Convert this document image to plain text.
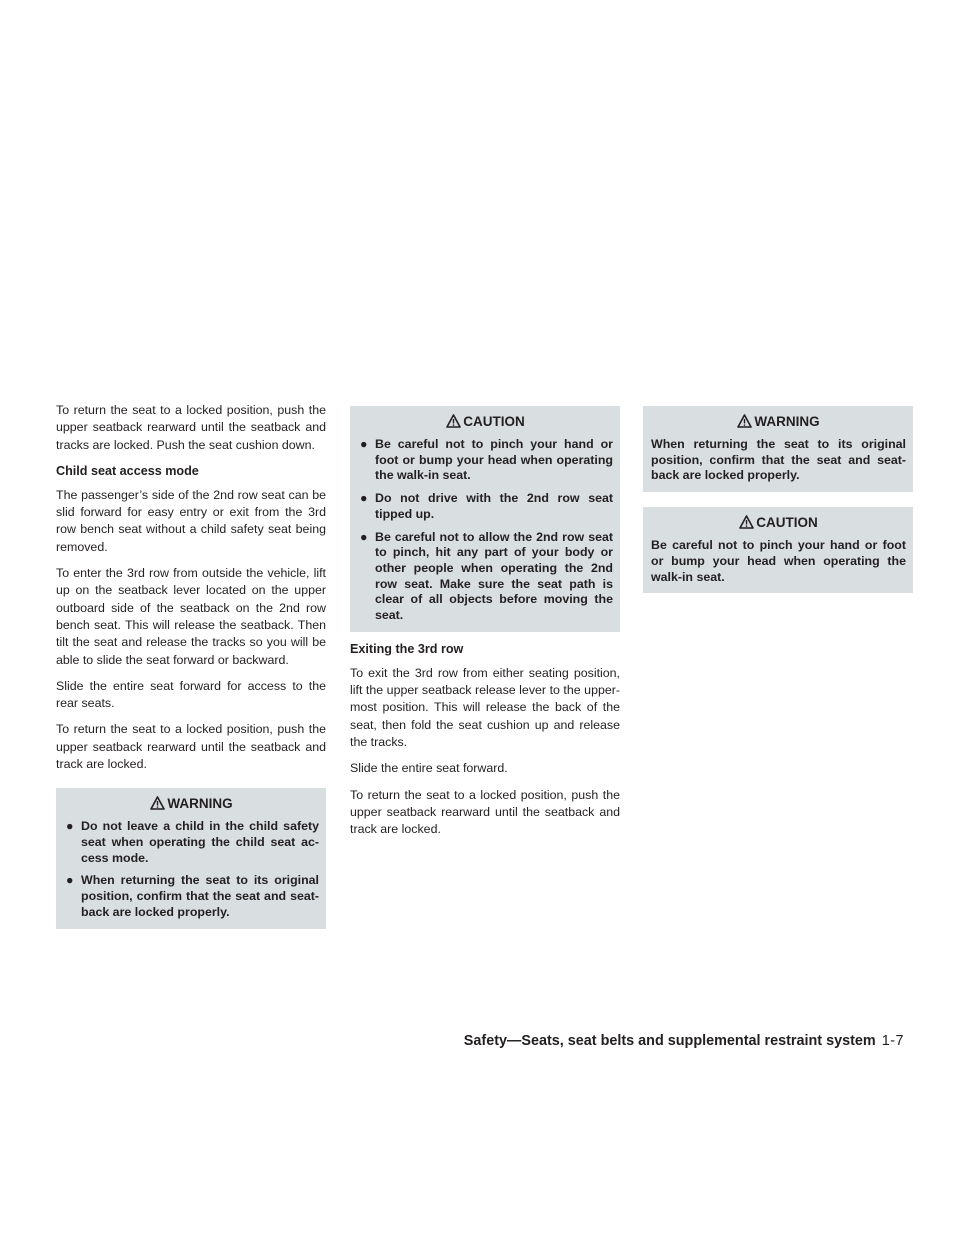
To return the seat to a locked position, push the upper seatback rearward until the seatback and tracks are locked. Push the seat cushion down.

Child seat access mode

The passenger’s side of the 2nd row seat can be slid forward for easy entry or exit from the 3rd row bench seat without a child safety seat being removed.

To enter the 3rd row from outside the vehicle, lift up on the seatback lever located on the upper outboard side of the seatback on the 2nd row bench seat. This will release the seatback. Then tilt the seat and release the tracks so you will be able to slide the seat forward or backward.

Slide the entire seat forward for access to the rear seats.

To return the seat to a locked position, push the upper seatback rearward until the seatback and track are locked.

WARNING
● Do not leave a child in the child safety seat when operating the child seat ac-cess mode.
● When returning the seat to its original position, confirm that the seat and seat-back are locked properly.
CAUTION
● Be careful not to pinch your hand or foot or bump your head when operating the walk-in seat.
● Do not drive with the 2nd row seat tipped up.
● Be careful not to allow the 2nd row seat to pinch, hit any part of your body or other people when operating the 2nd row seat. Make sure the seat path is clear of all objects before moving the seat.
Exiting the 3rd row

To exit the 3rd row from either seating position, lift the upper seatback release lever to the upper-most position. This will release the back of the seat, then fold the seat cushion up and release the tracks.

Slide the entire seat forward.

To return the seat to a locked position, push the upper seatback rearward until the seatback and track are locked.

WARNING

When returning the seat to its original position, confirm that the seat and seat-back are locked properly.

CAUTION

Be careful not to pinch your hand or foot or bump your head when operating the walk-in seat.

Safety—Seats, seat belts and supplemental restraint system 1-7
